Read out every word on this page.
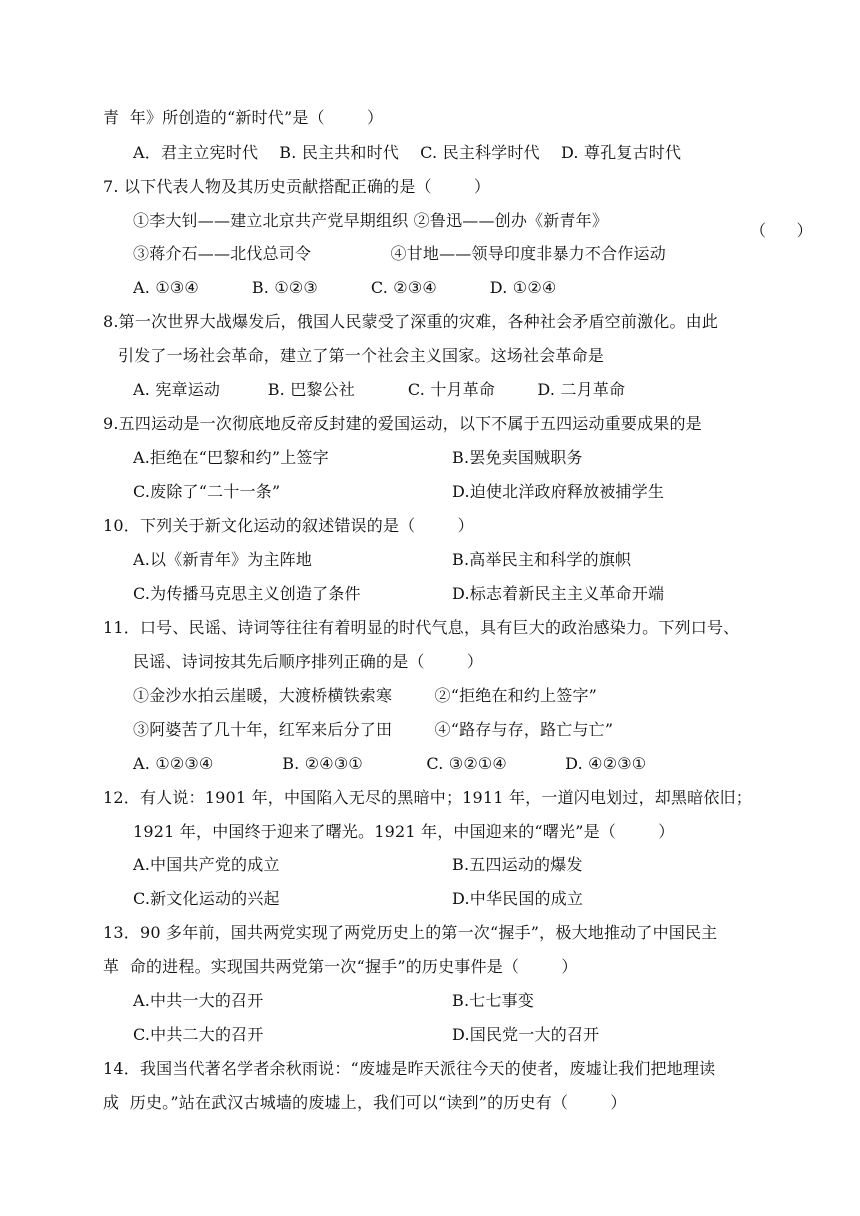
青  年》所创造的“新时代”是（        ）
A．君主立宪时代    B. 民主共和时代    C. 民主科学时代    D. 尊孔复古时代
7. 以下代表人物及其历史贡献搭配正确的是（        ）
①李大钊——建立北京共产党早期组织 ②鲁迅——创办《新青年》
（      ）
③蒋介石——北伐总司令               ④甘地——领导印度非暴力不合作运动
A. ①③④          B. ①②③          C. ②③④          D. ①②④
8.第一次世界大战爆发后，俄国人民蒙受了深重的灾难，各种社会矛盾空前激化。由此
引发了一场社会革命，建立了第一个社会主义国家。这场社会革命是
A. 宪章运动         B. 巴黎公社          C. 十月革命        D. 二月革命
9.五四运动是一次彻底地反帝反封建的爱国运动，以下不属于五四运动重要成果的是
A.拒绝在“巴黎和约”上签字	B.罢免卖国贼职务
C.废除了“二十一条”	D.迫使北洋政府释放被捕学生
10．下列关于新文化运动的叙述错误的是（        ）
A.以《新青年》为主阵地	B.高举民主和科学的旗帜
C.为传播马克思主义创造了条件	D.标志着新民主主义革命开端
11．口号、民谣、诗词等往往有着明显的时代气息，具有巨大的政治感染力。下列口号、
民谣、诗词按其先后顺序排列正确的是（        ）
①金沙水拍云崖暖，大渡桥横铁索寒        ②“拒绝在和约上签字”
③阿婆苦了几十年，红军来后分了田        ④“路存与存，路亡与亡”
A. ①②③④             B. ②④③①            C. ③②①④           D. ④②③①
12．有人说：1901 年，中国陷入无尽的黑暗中；1911 年，一道闪电划过，却黑暗依旧；
1921 年，中国终于迎来了曙光。1921 年，中国迎来的“曙光”是（        ）
A.中国共产党的成立	B.五四运动的爆发
C.新文化运动的兴起	D.中华民国的成立
13．90 多年前，国共两党实现了两党历史上的第一次“握手”，极大地推动了中国民主
革  命的进程。实现国共两党第一次“握手”的历史事件是（        ）
A.中共一大的召开	B.七七事变
C.中共二大的召开	D.国民党一大的召开
14．我国当代著名学者余秋雨说：“废墟是昨天派往今天的使者，废墟让我们把地理读
成  历史。”站在武汉古城墙的废墟上，我们可以“读到”的历史有（        ）
